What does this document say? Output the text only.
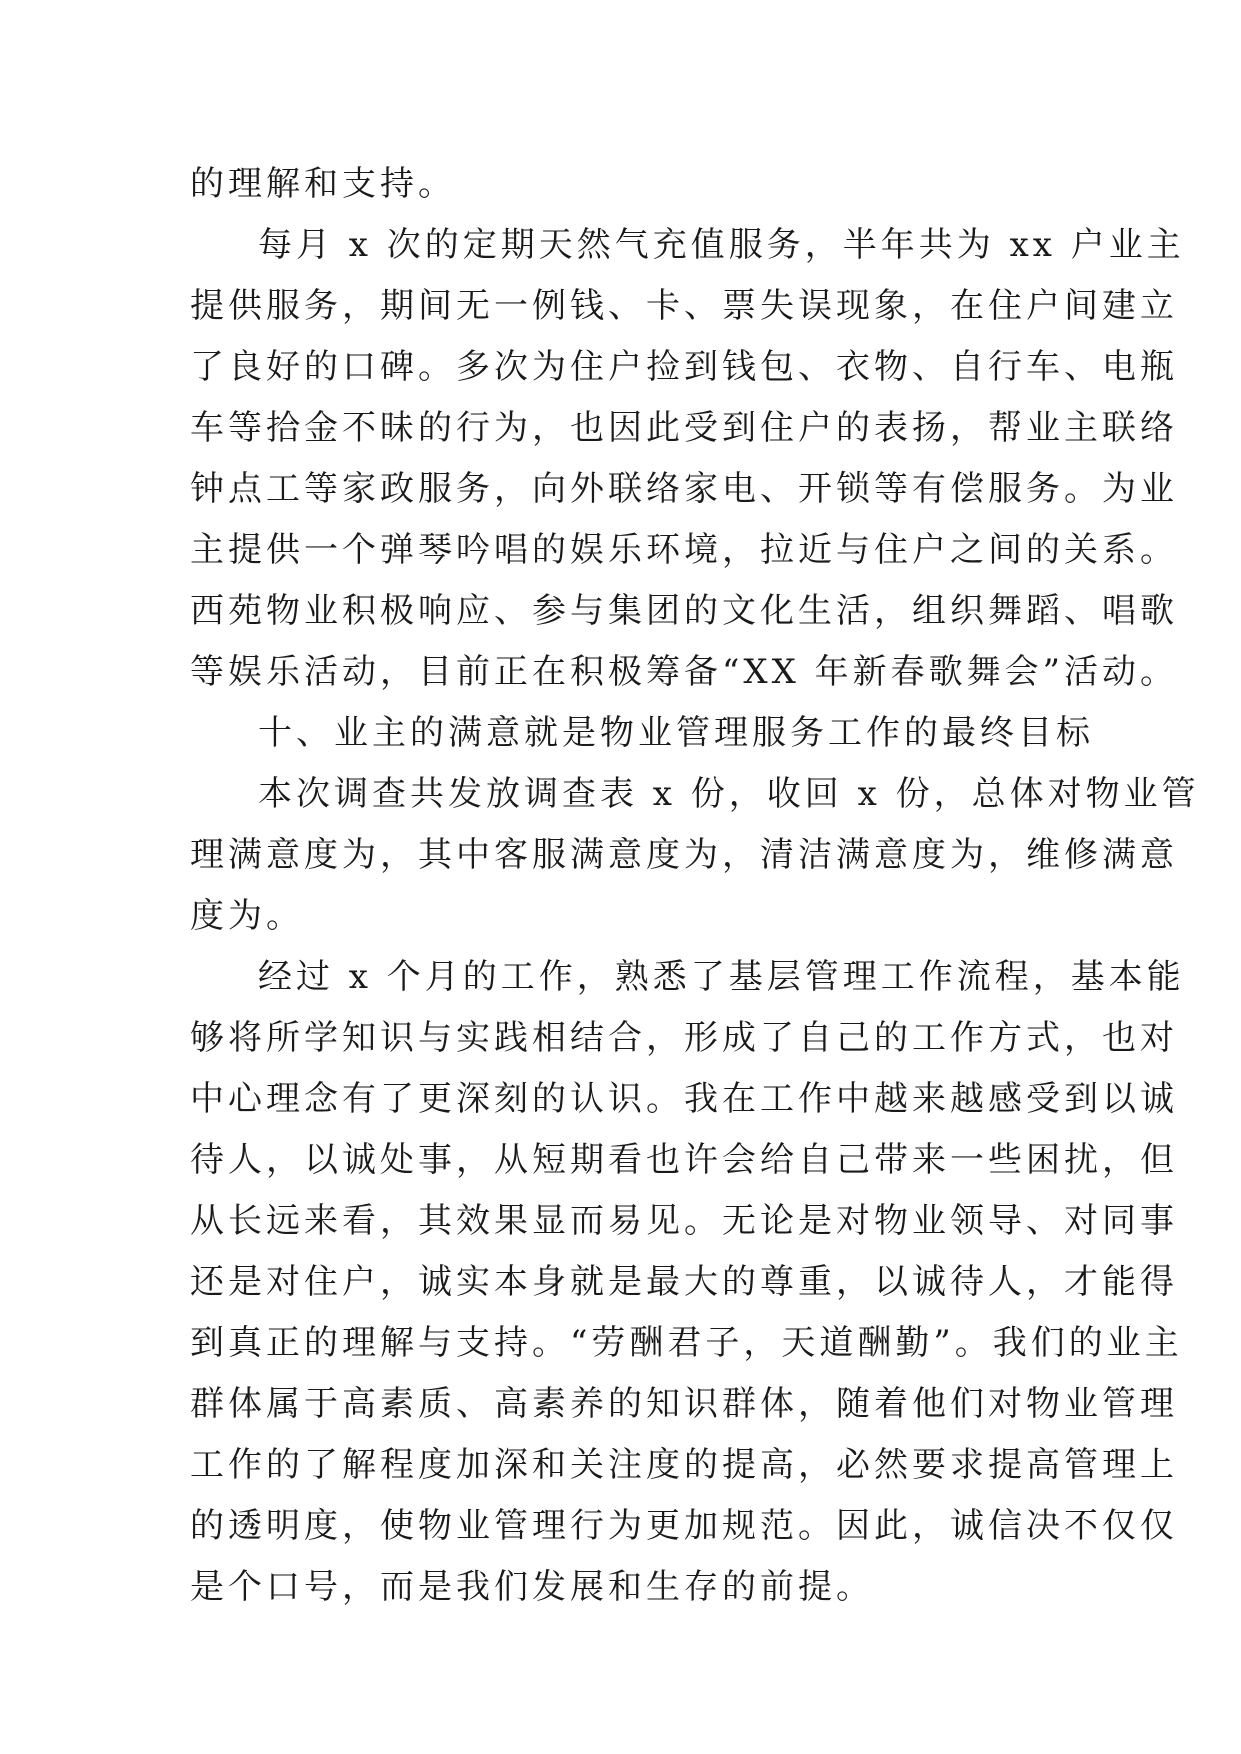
的理解和支持。
每月 x 次的定期天然气充值服务，半年共为 xx 户业主
提供服务，期间无一例钱、卡、票失误现象，在住户间建立
了良好的口碑。多次为住户捡到钱包、衣物、自行车、电瓶
车等拾金不昧的行为，也因此受到住户的表扬，帮业主联络
钟点工等家政服务，向外联络家电、开锁等有偿服务。为业
主提供一个弹琴吟唱的娱乐环境，拉近与住户之间的关系。
西苑物业积极响应、参与集团的文化生活，组织舞蹈、唱歌
等娱乐活动，目前正在积极筹备“XX 年新春歌舞会”活动。
十、业主的满意就是物业管理服务工作的最终目标
本次调查共发放调查表 x 份，收回 x 份，总体对物业管
理满意度为，其中客服满意度为，清洁满意度为，维修满意
度为。
经过 x 个月的工作，熟悉了基层管理工作流程，基本能
够将所学知识与实践相结合，形成了自己的工作方式，也对
中心理念有了更深刻的认识。我在工作中越来越感受到以诚
待人，以诚处事，从短期看也许会给自己带来一些困扰，但
从长远来看，其效果显而易见。无论是对物业领导、对同事
还是对住户，诚实本身就是最大的尊重，以诚待人，才能得
到真正的理解与支持。“劳酬君子，天道酬勤”。我们的业主
群体属于高素质、高素养的知识群体，随着他们对物业管理
工作的了解程度加深和关注度的提高，必然要求提高管理上
的透明度，使物业管理行为更加规范。因此，诚信决不仅仅
是个口号，而是我们发展和生存的前提。
